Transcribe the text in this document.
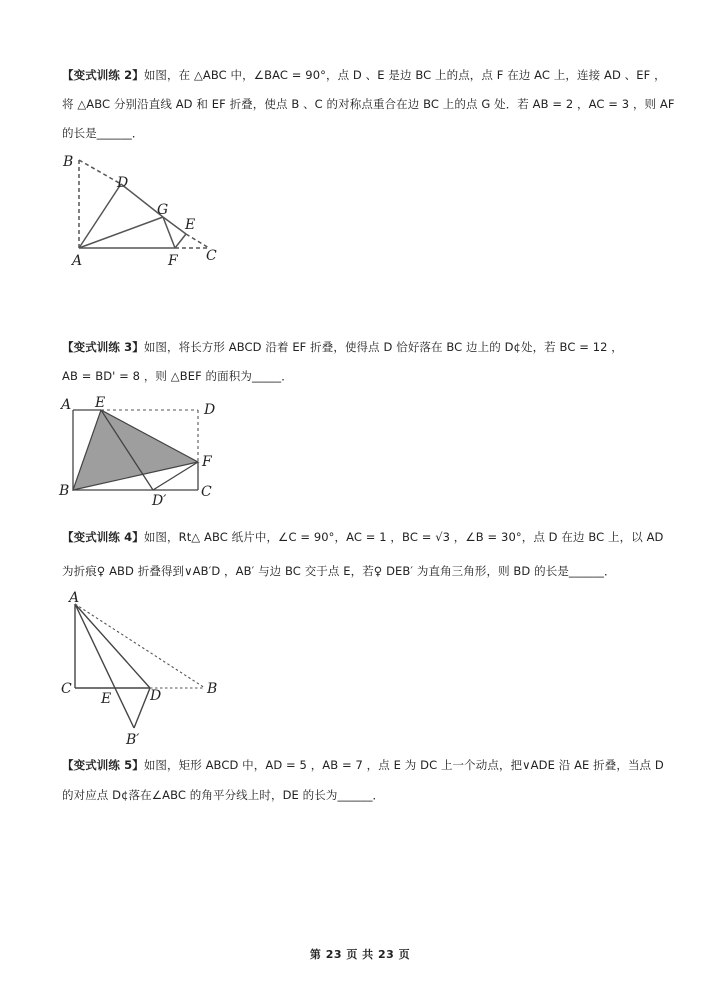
【变式训练 2】如图，在 △ABC 中，∠BAC = 90°，点 D 、E 是边 BC 上的点，点 F 在边 AC 上，连接 AD 、EF ，
将 △ABC 分别沿直线 AD 和 EF 折叠，使点 B 、C 的对称点重合在边 BC 上的点 G 处．若 AB = 2 ，AC = 3 ，则 AF
的长是______．
B
D
G
E
A	F C
【变式训练 3】如图，将长方形 ABCD 沿着 EF 折叠，使得点 D 恰好落在 BC 边上的 D¢处，若 BC = 12 ，
AB = BD' = 8 ，则 △BEF 的面积为_____．
A E	D
F
B
D′
C
【变式训练 4】如图，Rt△ ABC 纸片中，∠C = 90°，AC = 1 ，BC = √3 ，∠B = 30°，点 D 在边 BC 上，以 AD
为折痕♀ ABD 折叠得到∨AB′D ，AB′ 与边 BC 交于点 E，若♀ DEB′ 为直角三角形，则 BD 的长是______．
A
C
E	D	B
B′
【变式训练 5】如图，矩形 ABCD 中，AD = 5 ，AB = 7 ，点 E 为 DC 上一个动点，把∨ADE 沿 AE 折叠，当点 D
的对应点 D¢落在∠ABC 的角平分线上时，DE 的长为______．
第 23 页 共 23 页
